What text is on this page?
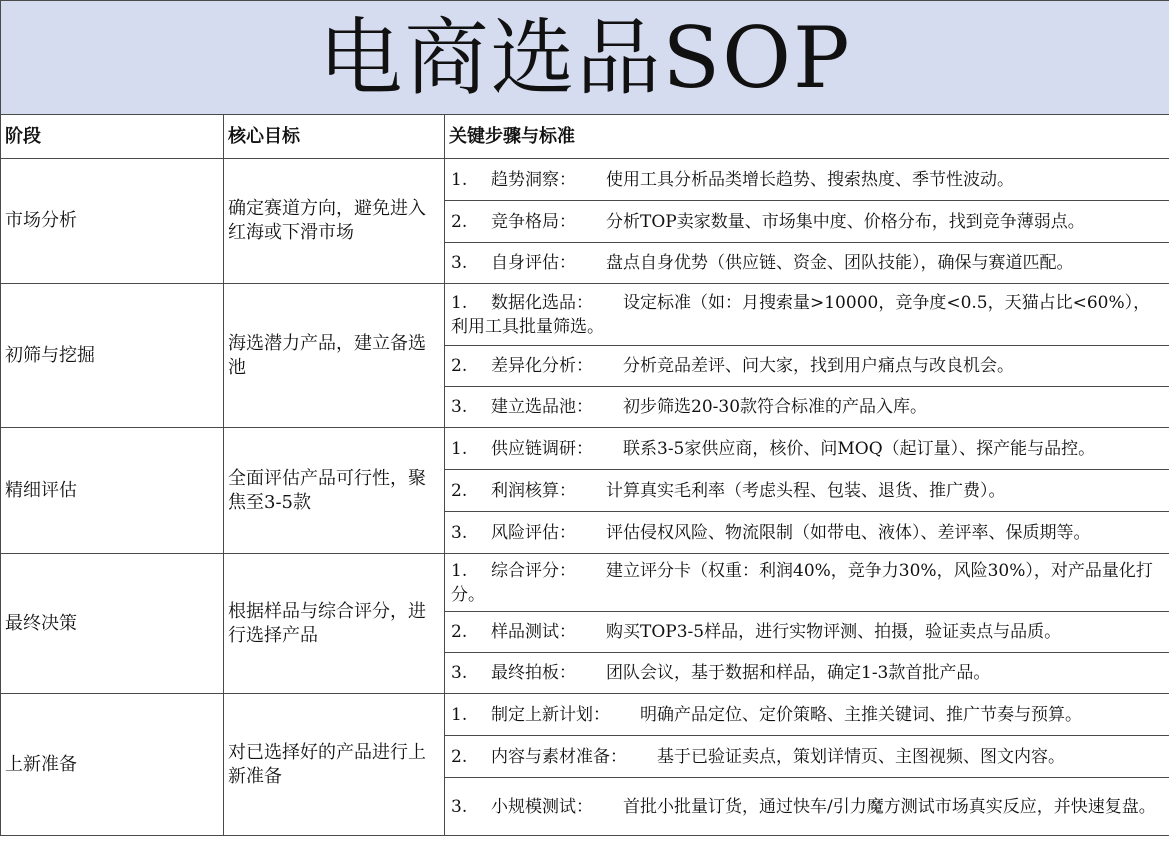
电商选品SOP		
阶段	核心目标	关键步骤与标准
市场分析	确定赛道方向，避免进入红海或下滑市场	1. 趋势洞察： 使用工具分析品类增长趋势、搜索热度、季节性波动。
		2. 竞争格局： 分析TOP卖家数量、市场集中度、价格分布，找到竞争薄弱点。
		3. 自身评估： 盘点自身优势（供应链、资金、团队技能），确保与赛道匹配。
初筛与挖掘	海选潜力产品，建立备选池	1. 数据化选品： 设定标准（如：月搜索量>10000，竞争度<0.5，天猫占比<60%），利用工具批量筛选。
		2. 差异化分析： 分析竞品差评、问大家，找到用户痛点与改良机会。
		3. 建立选品池： 初步筛选20-30款符合标准的产品入库。
精细评估	全面评估产品可行性，聚焦至3-5款	1. 供应链调研： 联系3-5家供应商，核价、问MOQ（起订量）、探产能与品控。
		2. 利润核算： 计算真实毛利率（考虑头程、包装、退货、推广费）。
		3. 风险评估： 评估侵权风险、物流限制（如带电、液体）、差评率、保质期等。
最终决策	根据样品与综合评分，进行选择产品	1. 综合评分： 建立评分卡（权重：利润40%，竞争力30%，风险30%），对产品量化打分。
		2. 样品测试： 购买TOP3-5样品，进行实物评测、拍摄，验证卖点与品质。
		3. 最终拍板： 团队会议，基于数据和样品，确定1-3款首批产品。
上新准备	对已选择好的产品进行上新准备	1. 制定上新计划： 明确产品定位、定价策略、主推关键词、推广节奏与预算。
		2. 内容与素材准备： 基于已验证卖点，策划详情页、主图视频、图文内容。
		3. 小规模测试： 首批小批量订货，通过快车/引力魔方测试市场真实反应，并快速复盘。
